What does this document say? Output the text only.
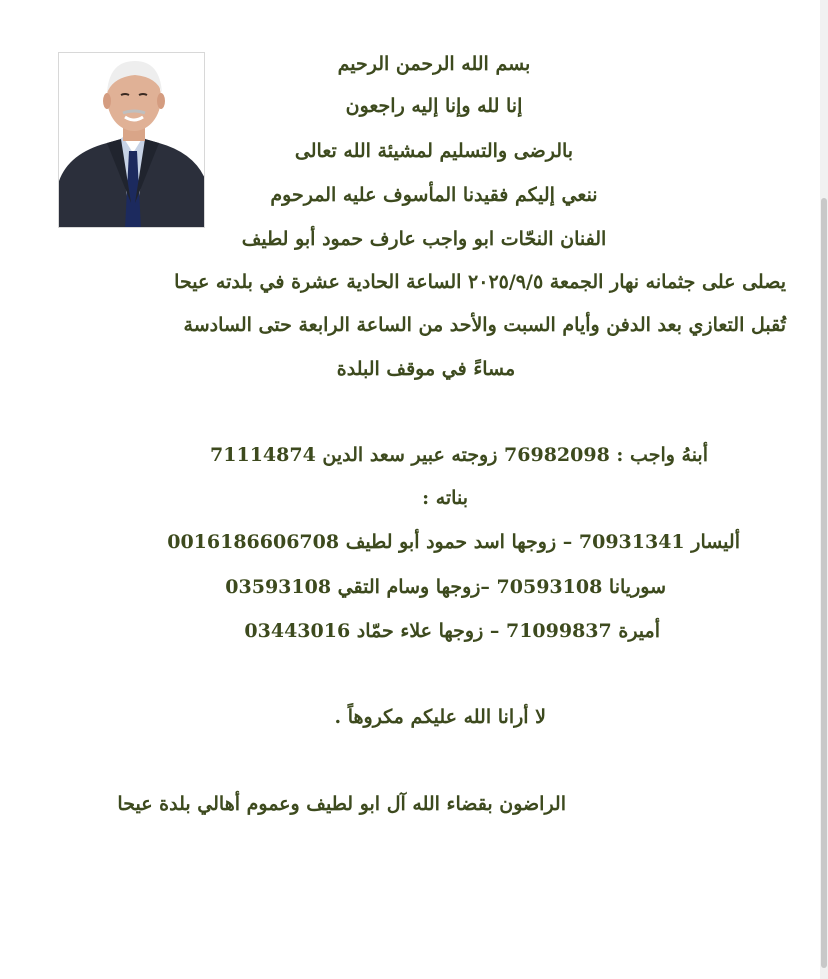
بسم الله الرحمن الرحيم
إنا لله وإنا إليه راجعون
بالرضى والتسليم لمشيئة الله تعالى
ننعي إليكم فقيدنا المأسوف عليه المرحوم
الفنان النحّات ابو واجب عارف حمود أبو لطيف
يصلى على جثمانه نهار الجمعة ٢٠٢٥/٩/٥ الساعة الحادية عشرة في بلدته عيحا
تُقبل التعازي بعد الدفن وأيام السبت والأحد من الساعة الرابعة حتى السادسة
مساءً في موقف البلدة
أبنهُ واجب : 76982098 زوجته عبير سعد الدين 71114874
بناته :
أليسار 70931341 – زوجها اسد حمود أبو لطيف 0016186606708
سوريانا 70593108 –زوجها وسام التقي 03593108
أميرة 71099837 – زوجها علاء حمّاد 03443016
لا أرانا الله عليكم مكروهاً .
الراضون بقضاء الله آل ابو لطيف وعموم أهالي بلدة عيحا
